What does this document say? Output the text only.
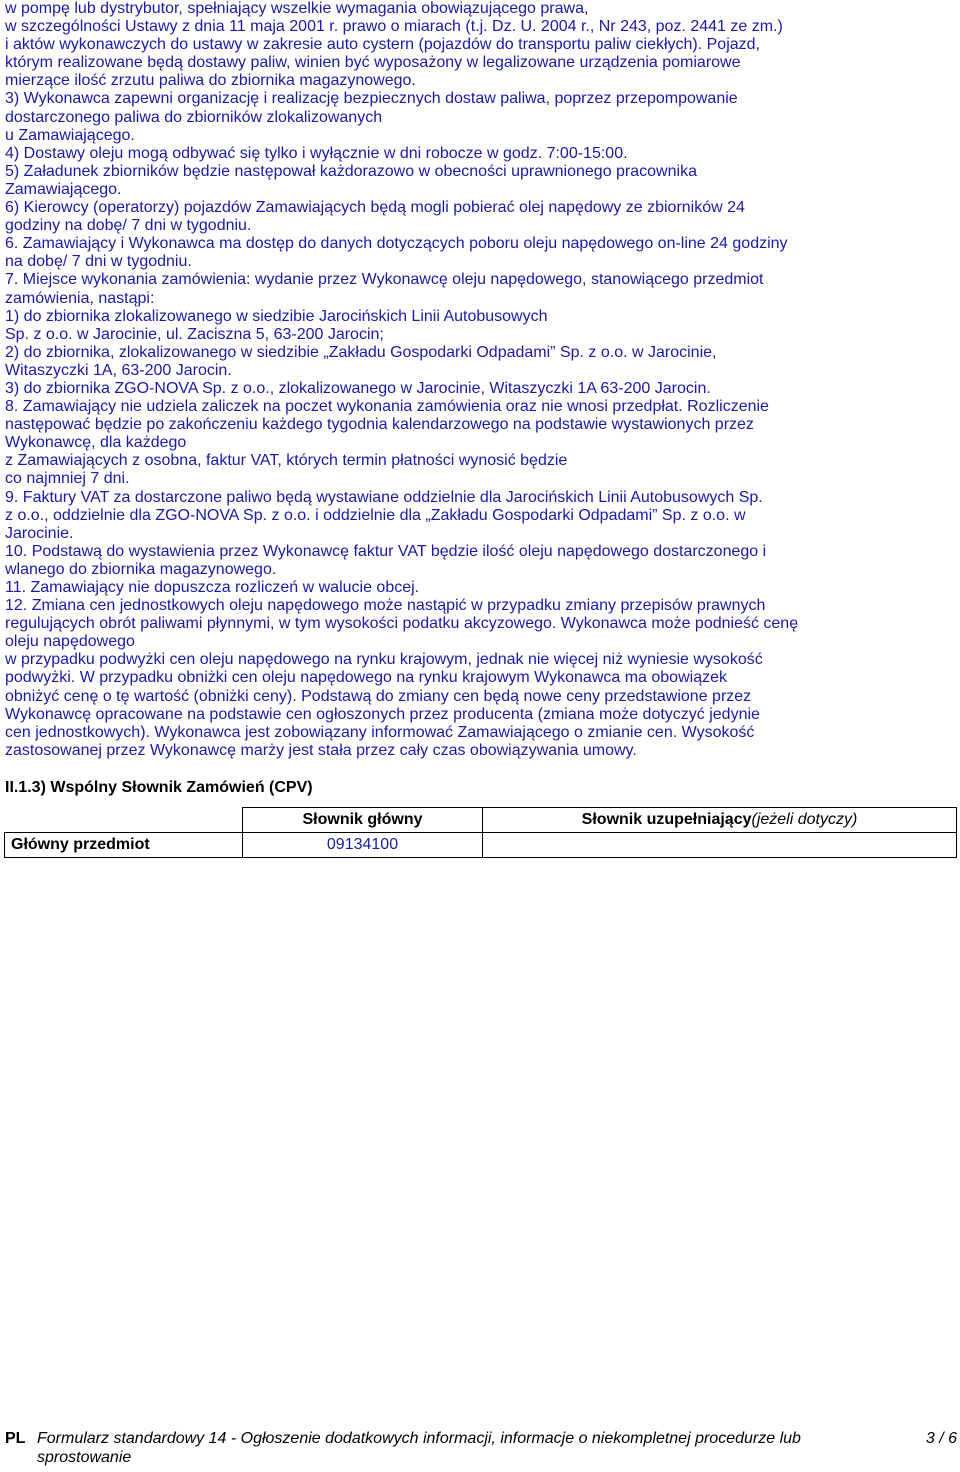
w pompę lub dystrybutor, spełniający wszelkie wymagania obowiązującego prawa,
w szczególności Ustawy z dnia 11 maja 2001 r. prawo o miarach (t.j. Dz. U. 2004 r., Nr 243, poz. 2441 ze zm.)
i aktów wykonawczych do ustawy w zakresie auto cystern (pojazdów do transportu paliw ciekłych). Pojazd,
którym realizowane będą dostawy paliw, winien być wyposażony w legalizowane urządzenia pomiarowe
mierzące ilość zrzutu paliwa do zbiornika magazynowego.
3) Wykonawca zapewni organizację i realizację bezpiecznych dostaw paliwa, poprzez przepompowanie
dostarczonego paliwa do zbiorników zlokalizowanych
u Zamawiającego.
4) Dostawy oleju mogą odbywać się tylko i wyłącznie w dni robocze w godz. 7:00-15:00.
5) Załadunek zbiorników będzie następował każdorazowo w obecności uprawnionego pracownika
Zamawiającego.
6) Kierowcy (operatorzy) pojazdów Zamawiających będą mogli pobierać olej napędowy ze zbiorników 24
godziny na dobę/ 7 dni w tygodniu.
6. Zamawiający i Wykonawca ma dostęp do danych dotyczących poboru oleju napędowego on-line 24 godziny
na dobę/ 7 dni w tygodniu.
7. Miejsce wykonania zamówienia: wydanie przez Wykonawcę oleju napędowego, stanowiącego przedmiot
zamówienia, nastąpi:
1) do zbiornika zlokalizowanego w siedzibie Jarocińskich Linii Autobusowych
Sp. z o.o. w Jarocinie, ul. Zaciszna 5, 63-200 Jarocin;
2) do zbiornika, zlokalizowanego w siedzibie „Zakładu Gospodarki Odpadami” Sp. z o.o. w Jarocinie,
Witaszyczki 1A, 63-200 Jarocin.
3) do zbiornika ZGO-NOVA Sp. z o.o., zlokalizowanego w Jarocinie, Witaszyczki 1A 63-200 Jarocin.
8. Zamawiający nie udziela zaliczek na poczet wykonania zamówienia oraz nie wnosi przedpłat. Rozliczenie
następować będzie po zakończeniu każdego tygodnia kalendarzowego na podstawie wystawionych przez
Wykonawcę, dla każdego
z Zamawiających z osobna, faktur VAT, których termin płatności wynosić będzie
co najmniej 7 dni.
9. Faktury VAT za dostarczone paliwo będą wystawiane oddzielnie dla Jarocińskich Linii Autobusowych Sp.
z o.o., oddzielnie dla ZGO-NOVA Sp. z o.o. i oddzielnie dla „Zakładu Gospodarki Odpadami” Sp. z o.o. w
Jarocinie.
10. Podstawą do wystawienia przez Wykonawcę faktur VAT będzie ilość oleju napędowego dostarczonego i
wlanego do zbiornika magazynowego.
11. Zamawiający nie dopuszcza rozliczeń w walucie obcej.
12. Zmiana cen jednostkowych oleju napędowego może nastąpić w przypadku zmiany przepisów prawnych
regulujących obrót paliwami płynnymi, w tym wysokości podatku akcyzowego. Wykonawca może podnieść cenę
oleju napędowego
w przypadku podwyżki cen oleju napędowego na rynku krajowym, jednak nie więcej niż wyniesie wysokość
podwyżki. W przypadku obniżki cen oleju napędowego na rynku krajowym Wykonawca ma obowiązek
obniżyć cenę o tę wartość (obniżki ceny). Podstawą do zmiany cen będą nowe ceny przedstawione przez
Wykonawcę opracowane na podstawie cen ogłoszonych przez producenta (zmiana może dotyczyć jedynie
cen jednostkowych). Wykonawca jest zobowiązany informować Zamawiającego o zmianie cen. Wysokość
zastosowanej przez Wykonawcę marży jest stała przez cały czas obowiązywania umowy.
II.1.3) Wspólny Słownik Zamówień (CPV)
	Słownik główny	Słownik uzupełniający(jeżeli dotyczy)
Główny przedmiot	09134100	
PL Formularz standardowy 14 - Ogłoszenie dodatkowych informacji, informacje o niekompletnej procedurze lub sprostowanie
3 / 6
